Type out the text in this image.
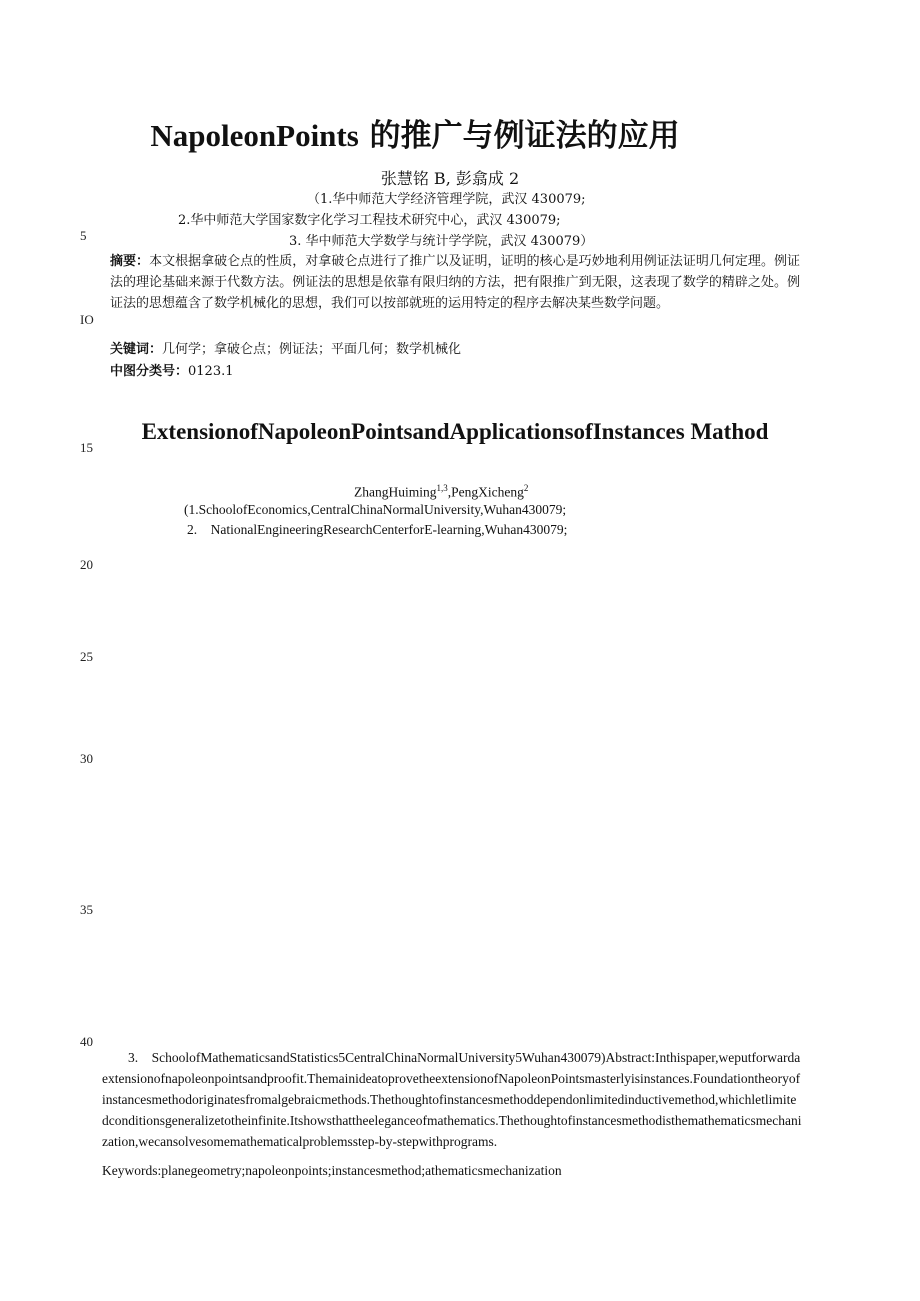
5
IO
15
20
25
30
35
40
NapoleonPoints 的推广与例证法的应用
张慧铭 B, 彭翕成 2
（1.华中师范大学经济管理学院，武汉 430079;
2.华中师范大学国家数字化学习工程技术研究中心，武汉 430079;
3. 华中师范大学数学与统计学学院，武汉 430079）
摘要：本文根据拿破仑点的性质，对拿破仑点进行了推广以及证明，证明的核心是巧妙地利用例证法证明几何定理。例证法的理论基础来源于代数方法。例证法的思想是依靠有限归纳的方法，把有限推广到无限，这表现了数学的精辟之处。例证法的思想蕴含了数学机械化的思想，我们可以按部就班的运用特定的程序去解决某些数学问题。
关键词：几何学；拿破仑点；例证法；平面几何；数学机械化
中图分类号：0123.1
ExtensionofNapoleonPointsandApplicationsofInstances Mathod
ZhangHuiming$^{1,3}$,PengXicheng$^2$
(1.SchoolofEconomics,CentralChinaNormalUniversity,Wuhan430079;
2.    NationalEngineeringResearchCenterforE-learning,Wuhan430079;
3. SchoolofMathematicsandStatistics5CentralChinaNormalUniversity5Wuhan430079)Abstract:Inthispaper,weputforwardaextensionofnapoleonpointsandproofit.ThemainideatoprovetheextensionofNapoleonPointsmasterlyisinstances.Foundationtheoryofinstancesmethodoriginatesfromalgebraicmethods.Thethoughtofinstancesmethoddependonlimitedinductivemethod,whichletlimitedconditionsgeneralizetotheinfinite.Itshowsthattheeleganceofmathematics.Thethoughtofinstancesmethodisthemathematicsmechanization,wecansolvesomemathematicalproblemsstep-by-stepwithprograms.
Keywords:planegeometry;napoleonpoints;instancesmethod;athematicsmechanization
